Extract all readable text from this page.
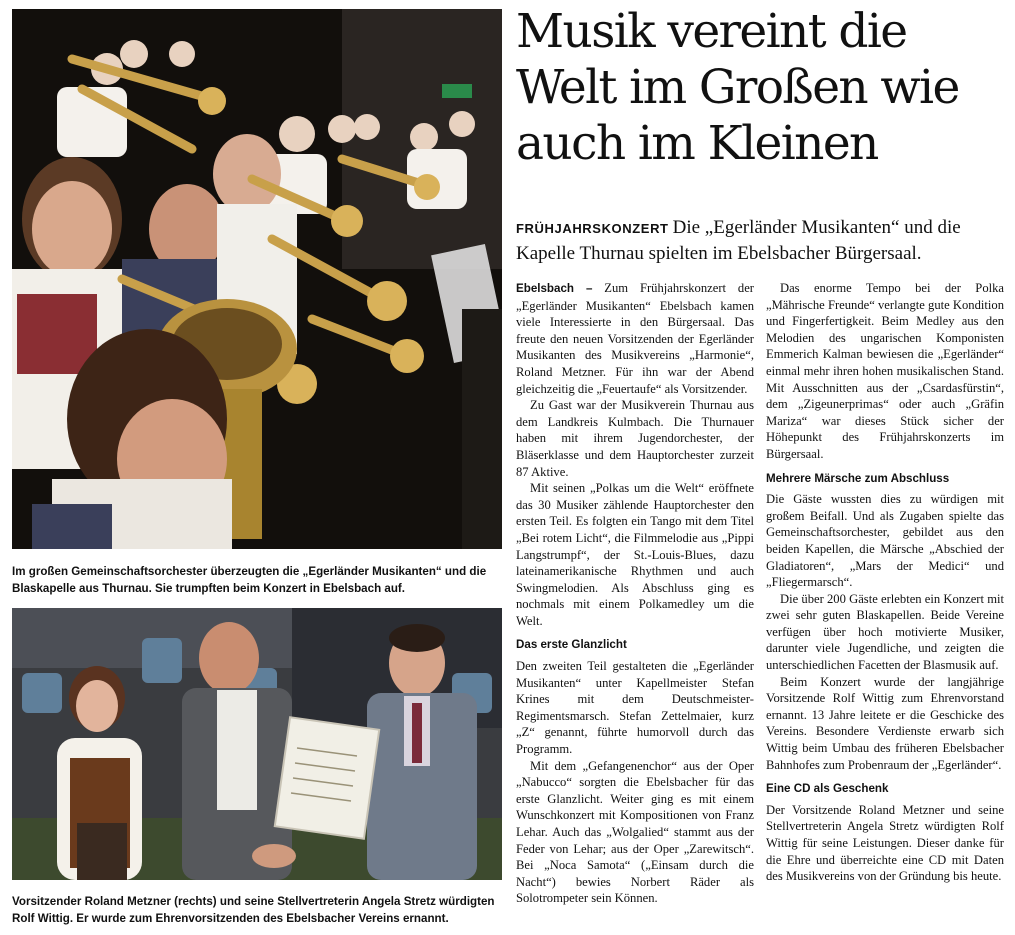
Im großen Gemeinschaftsorchester überzeugten die „Egerländer Musikanten“ und die Blaskapelle aus Thurnau. Sie trumpften beim Konzert in Ebelsbach auf.
Vorsitzender Roland Metzner (rechts) und seine Stellvertreterin Angela Stretz würdigten Rolf Wittig. Er wurde zum Ehrenvorsitzenden des Ebelsbacher Vereins ernannt.
Musik vereint die Welt im Großen wie auch im Kleinen
FRÜHJAHRSKONZERT Die „Egerländer Musikanten“ und die Kapelle Thurnau spielten im Ebelsbacher Bürgersaal.

Ebelsbach – Zum Frühjahrskonzert der „Egerländer Musikanten“ Ebelsbach kamen viele Interessierte in den Bürgersaal. Das freute den neuen Vorsitzenden der Egerländer Musikanten des Musikvereins „Harmonie“, Roland Metzner. Für ihn war der Abend gleichzeitig die „Feuertaufe“ als Vorsitzender.

Zu Gast war der Musikverein Thurnau aus dem Landkreis Kulmbach. Die Thurnauer haben mit ihrem Jugendorchester, der Bläserklasse und dem Hauptorchester zurzeit 87 Aktive.

Mit seinen „Polkas um die Welt“ eröffnete das 30 Musiker zählende Hauptorchester den ersten Teil. Es folgten ein Tango mit dem Titel „Bei rotem Licht“, die Filmmelodie aus „Pippi Langstrumpf“, der St.-Louis-Blues, dazu lateinamerikanische Rhythmen und auch Swingmelodien. Als Abschluss ging es nochmals mit einem Polkamedley um die Welt.

Das erste Glanzlicht

Den zweiten Teil gestalteten die „Egerländer Musikanten“ unter Kapellmeister Stefan Krines mit dem Deutschmeister-Regimentsmarsch. Stefan Zettelmaier, kurz „Z“ genannt, führte humorvoll durch das Programm.

Mit dem „Gefangenenchor“ aus der Oper „Nabucco“ sorgten die Ebelsbacher für das erste Glanzlicht. Weiter ging es mit einem Wunschkonzert mit Kompositionen von Franz Lehar. Auch das „Wolgalied“ stammt aus der Feder von Lehar; aus der Oper „Zarewitsch“. Bei „Noca Samota“ („Einsam durch die Nacht“) bewies Norbert Räder als Solotrompeter sein Können.

Das enorme Tempo bei der Polka „Mährische Freunde“ verlangte gute Kondition und Fingerfertigkeit. Beim Medley aus den Melodien des ungarischen Komponisten Emmerich Kalman bewiesen die „Egerländer“ einmal mehr ihren hohen musikalischen Stand. Mit Ausschnitten aus der „Csardasfürstin“, dem „Zigeunerprimas“ oder auch „Gräfin Mariza“ war dieses Stück sicher der Höhepunkt des Frühjahrskonzerts im Bürgersaal.

Mehrere Märsche zum Abschluss

Die Gäste wussten dies zu würdigen mit großem Beifall. Und als Zugaben spielte das Gemeinschaftsorchester, gebildet aus den beiden Kapellen, die Märsche „Abschied der Gladiatoren“, „Mars der Medici“ und „Fliegermarsch“.

Die über 200 Gäste erlebten ein Konzert mit zwei sehr guten Blaskapellen. Beide Vereine verfügen über hoch motivierte Musiker, darunter viele Jugendliche, und zeigten die unterschiedlichen Facetten der Blasmusik auf.

Beim Konzert wurde der langjährige Vorsitzende Rolf Wittig zum Ehrenvorstand ernannt. 13 Jahre leitete er die Geschicke des Vereins. Besondere Verdienste erwarb sich Wittig beim Umbau des früheren Ebelsbacher Bahnhofes zum Probenraum der „Egerländer“.

Eine CD als Geschenk

Der Vorsitzende Roland Metzner und seine Stellvertreterin Angela Stretz würdigten Rolf Wittig für seine Leistungen. Dieser danke für die Ehre und überreichte eine CD mit Daten des Musikvereins von der Gründung bis heute.
